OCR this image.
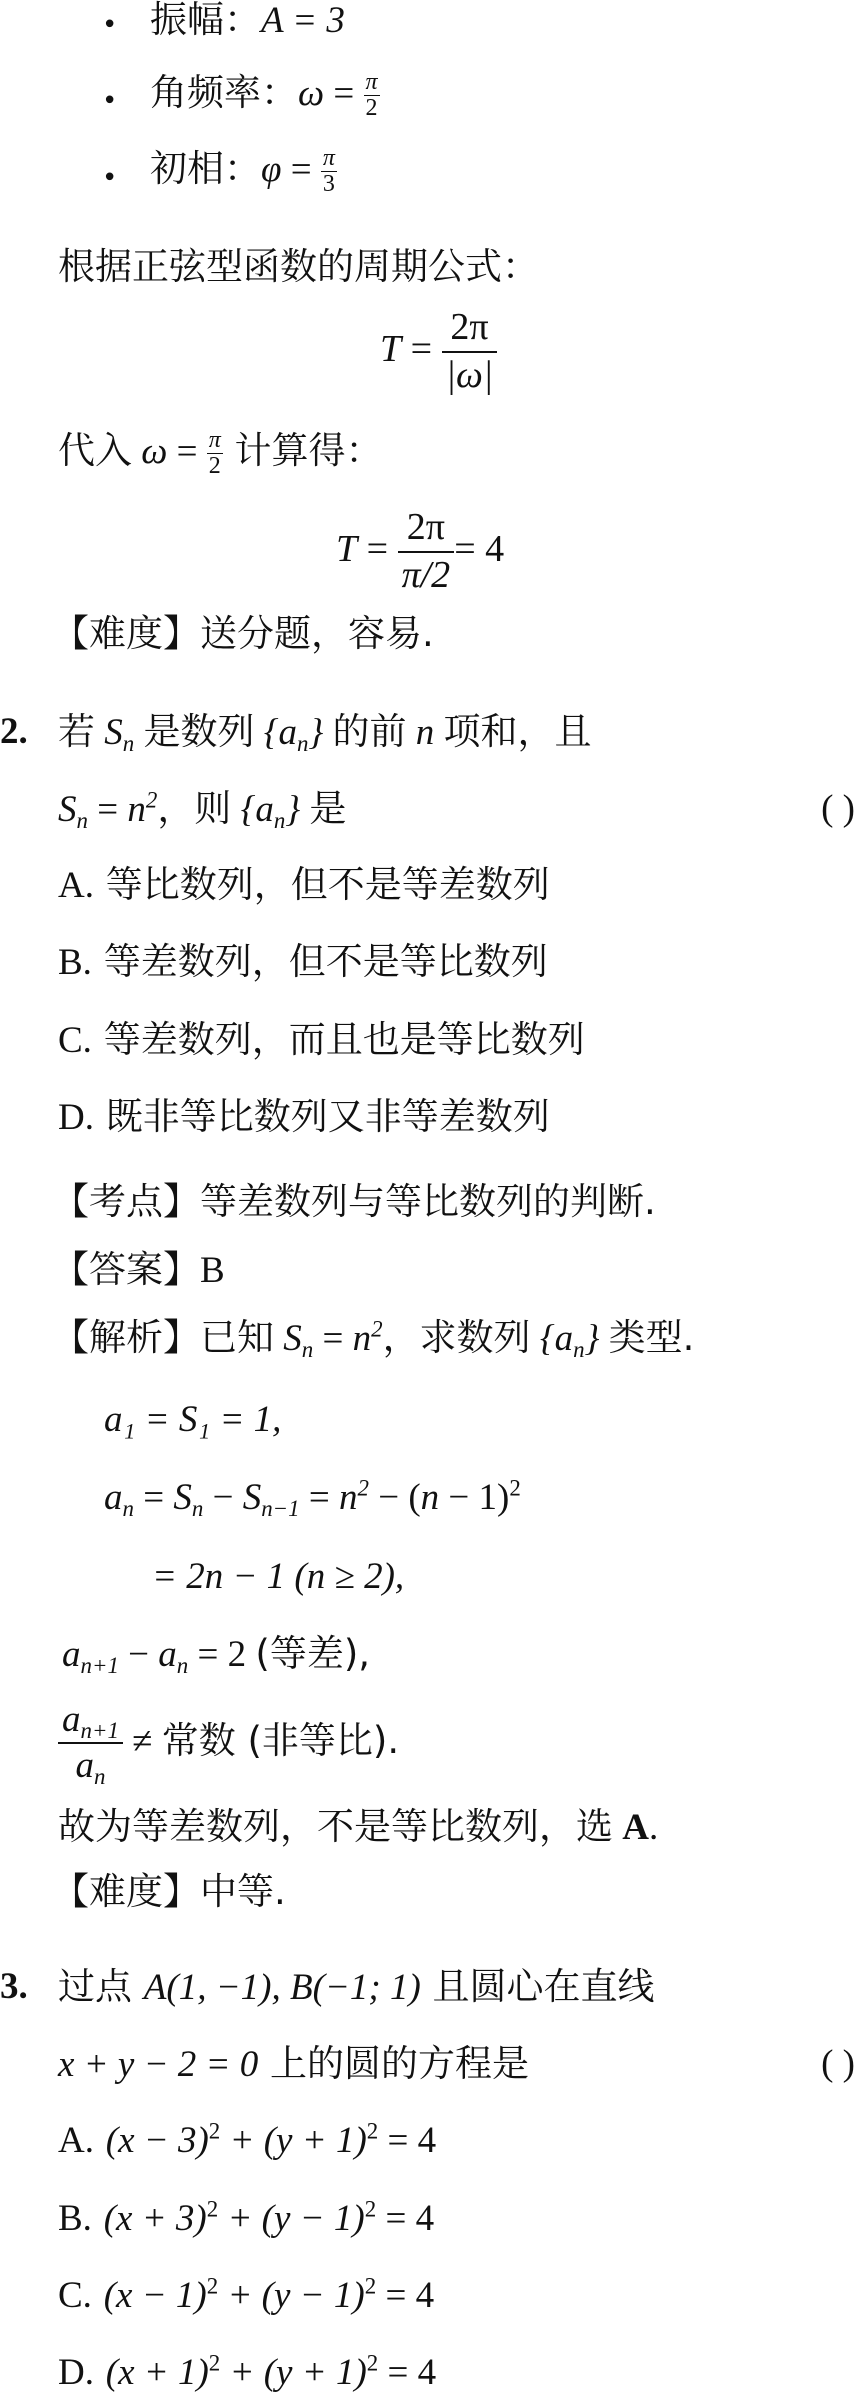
• 振幅：A = 3
• 角频率：$\omega = \frac{\pi}{2}$
• 初相：$\varphi = \frac{\pi}{3}$
根据正弦型函数的周期公式：
$T = \frac{2\pi}{|\omega|}$
代入 $\omega = \frac{\pi}{2}$ 计算得：
$T = \frac{2\pi}{\pi/2} = 4$
【难度】送分题，容易.
2. 若 $S_n$ 是数列 $\{a_n\}$ 的前 n 项和，且
$S_n = n^2$，则 $\{a_n\}$ 是	( )
A. 等比数列，但不是等差数列
B. 等差数列，但不是等比数列
C. 等差数列，而且也是等比数列
D. 既非等比数列又非等差数列
【考点】等差数列与等比数列的判断.
【答案】B
【解析】已知 $S_n = n^2$，求数列 $\{a_n\}$ 类型.
a₁ = S₁ = 1,
$a_n = S_n - S_{n-1} = n^2 - (n - 1)^2$
= 2n − 1 (n ≥ 2),
$a_{n+1} - a_n = 2$ (等差),
$\frac{a_{n+1}}{a_n}$ ≠ 常数 (非等比).
故为等差数列，不是等比数列，选 A.
【难度】中等.
3. 过点 A(1, −1), B(−1; 1) 且圆心在直线
x + y − 2 = 0 上的圆的方程是	( )
A. $(x - 3)^2 + (y + 1)^2 = 4$
B. $(x + 3)^2 + (y - 1)^2 = 4$
C. $(x - 1)^2 + (y - 1)^2 = 4$
D. $(x + 1)^2 + (y + 1)^2 = 4$
